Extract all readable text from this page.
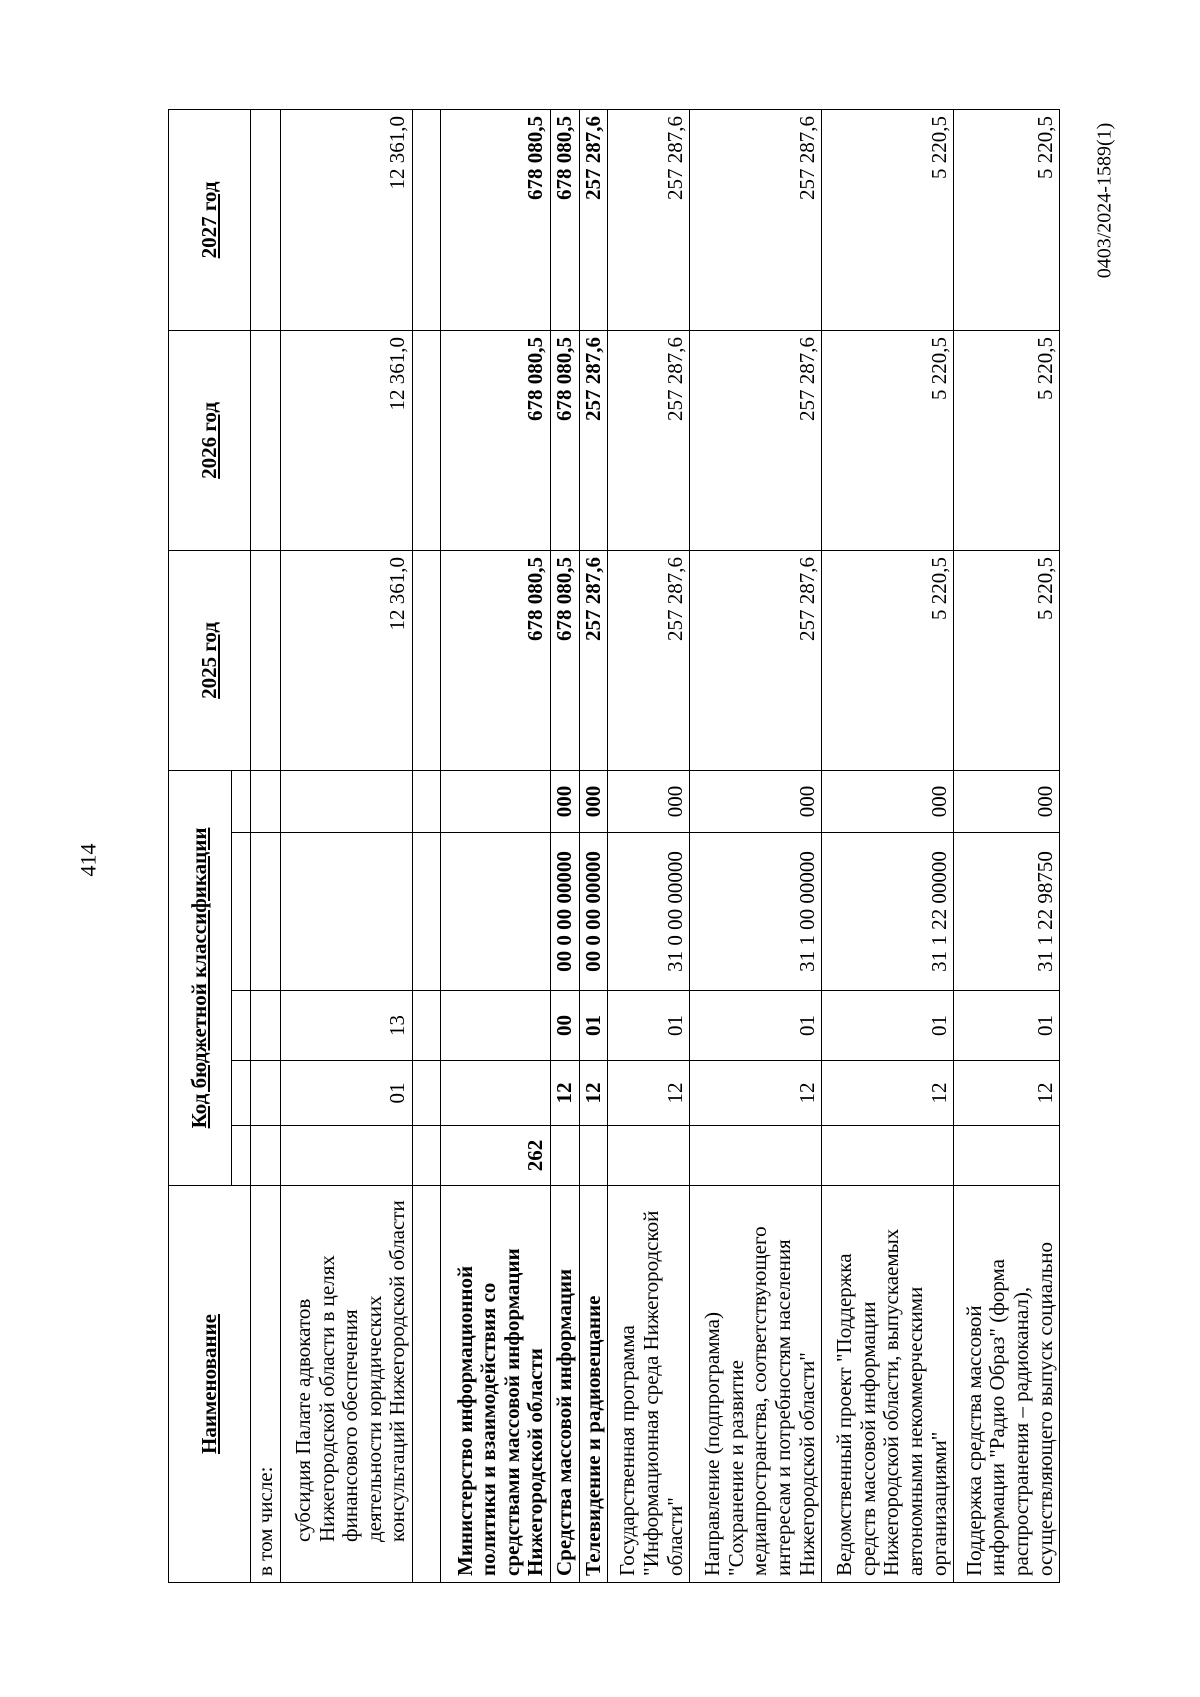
414
0403/2024-1589(1)
Наименование	Код бюджетной классификации					2025 год	2026 год	2027 год

в том числе:								
субсидия Палате адвокатов Нижегородской области в целях финансового обеспечения деятельности юридических консультаций Нижегородской области		01	13			12 361,0	12 361,0	12 361,0

Министерство информационной политики и взаимодействия со средствами массовой информации Нижегородской области	262					678 080,5	678 080,5	678 080,5
Средства массовой информации		12	00	00 0 00 00000	000	678 080,5	678 080,5	678 080,5
Телевидение и радиовещание		12	01	00 0 00 00000	000	257 287,6	257 287,6	257 287,6
Государственная программа "Информационная среда Нижегородской области"		12	01	31 0 00 00000	000	257 287,6	257 287,6	257 287,6
Направление (подпрограмма) "Сохранение и развитие медиапространства, соответствующего интересам и потребностям населения Нижегородской области"		12	01	31 1 00 00000	000	257 287,6	257 287,6	257 287,6
Ведомственный проект "Поддержка средств массовой информации Нижегородской области, выпускаемых автономными некоммерческими организациями"		12	01	31 1 22 00000	000	5 220,5	5 220,5	5 220,5
Поддержка средства массовой информации "Радио Образ" (форма распространения – радиоканал), осуществляющего выпуск социально		12	01	31 1 22 98750	000	5 220,5	5 220,5	5 220,5
